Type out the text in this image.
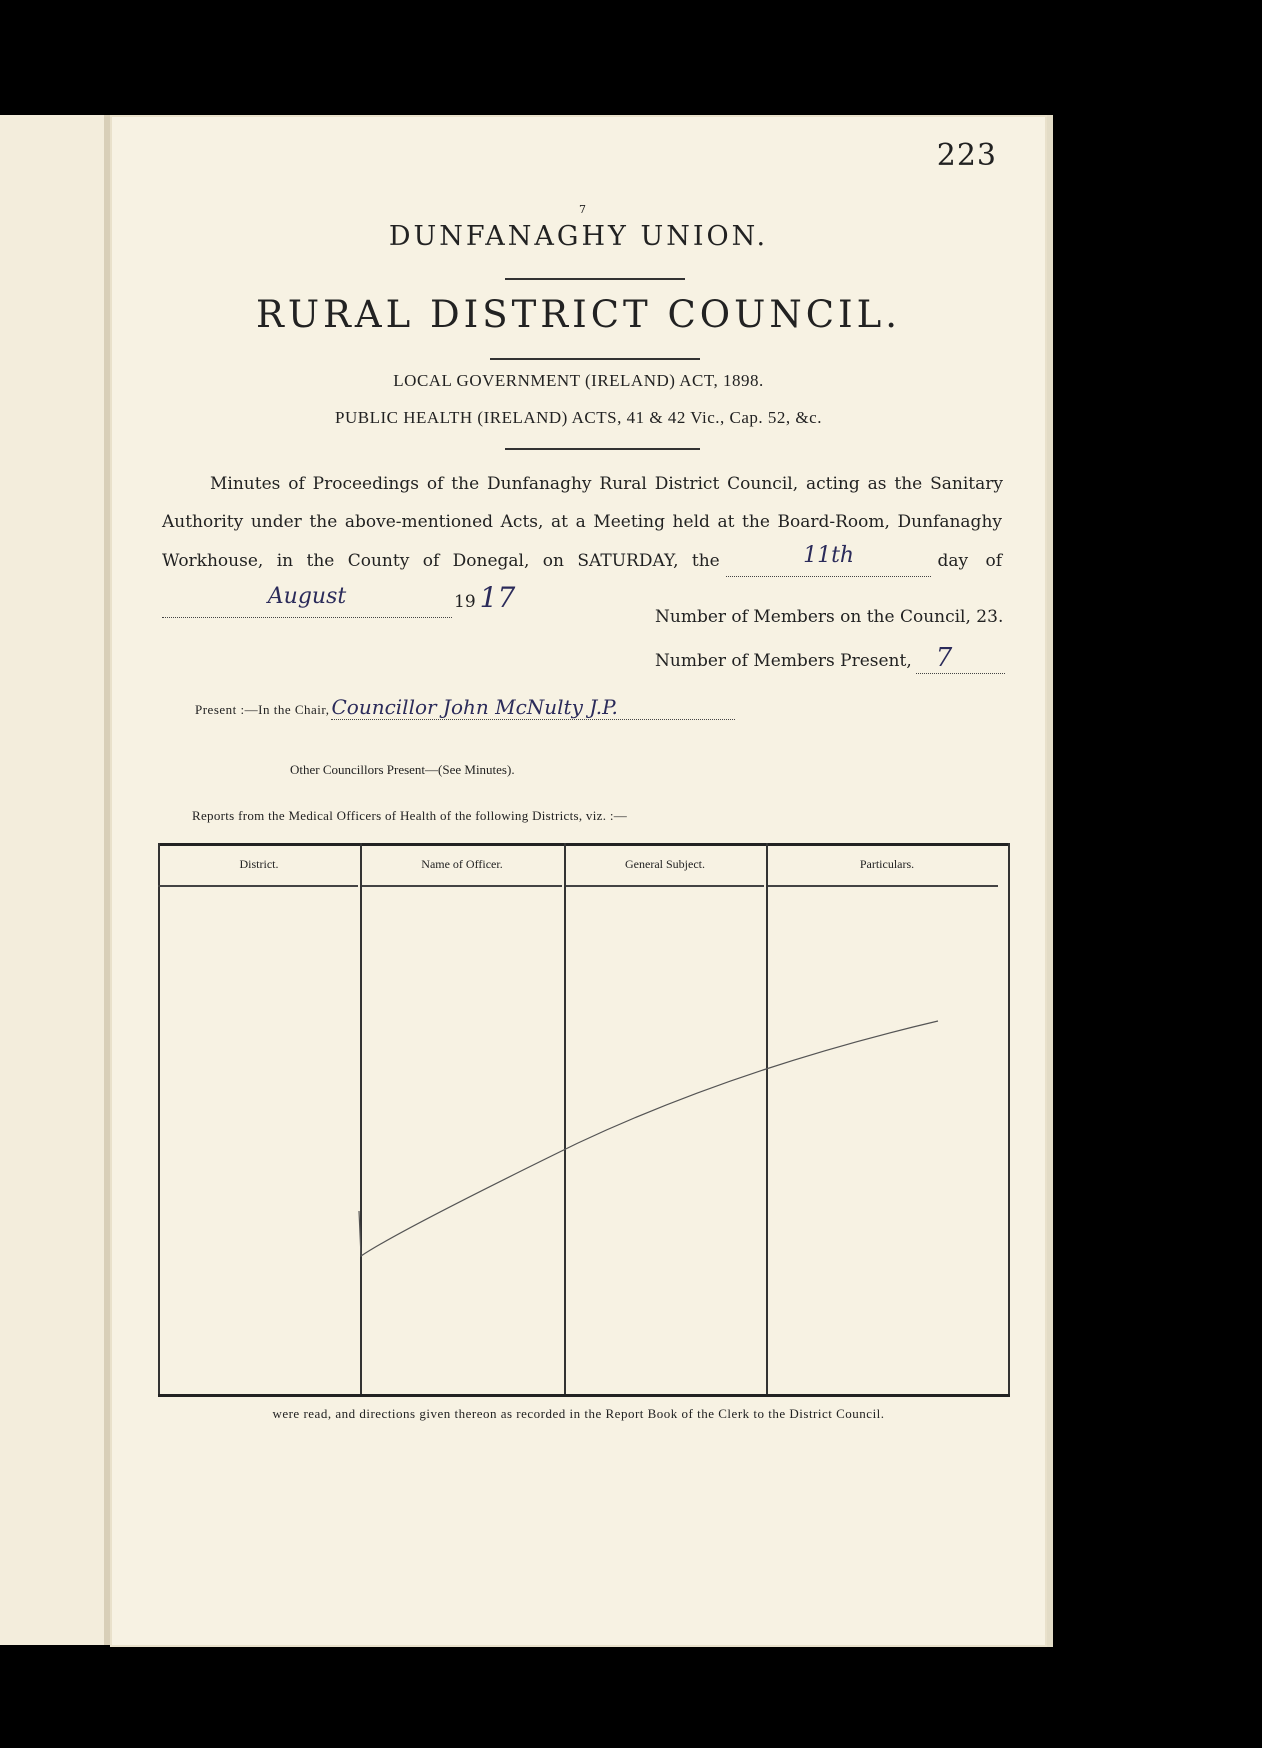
223
7
DUNFANAGHY UNION.
RURAL DISTRICT COUNCIL.
LOCAL GOVERNMENT (IRELAND) ACT, 1898.
PUBLIC HEALTH (IRELAND) ACTS, 41 & 42 Vic., Cap. 52, &c.
Minutes of Proceedings of the Dunfanaghy Rural District Council, acting as the Sanitary
Authority under the above-mentioned Acts, at a Meeting held at the Board-Room, Dunfanaghy
Workhouse, in the County of Donegal, on SATURDAY, the	11th	day of
August	19 17
Number of Members on the Council, 23.
Number of Members Present, 7
Present :—In the Chair, Councillor John McNulty J.P.
Other Councillors Present—(See Minutes).
Reports from the Medical Officers of Health of the following Districts, viz. :—
District.	Name of Officer.	General Subject.	Particulars.
were read, and directions given thereon as recorded in the Report Book of the Clerk to the District Council.
